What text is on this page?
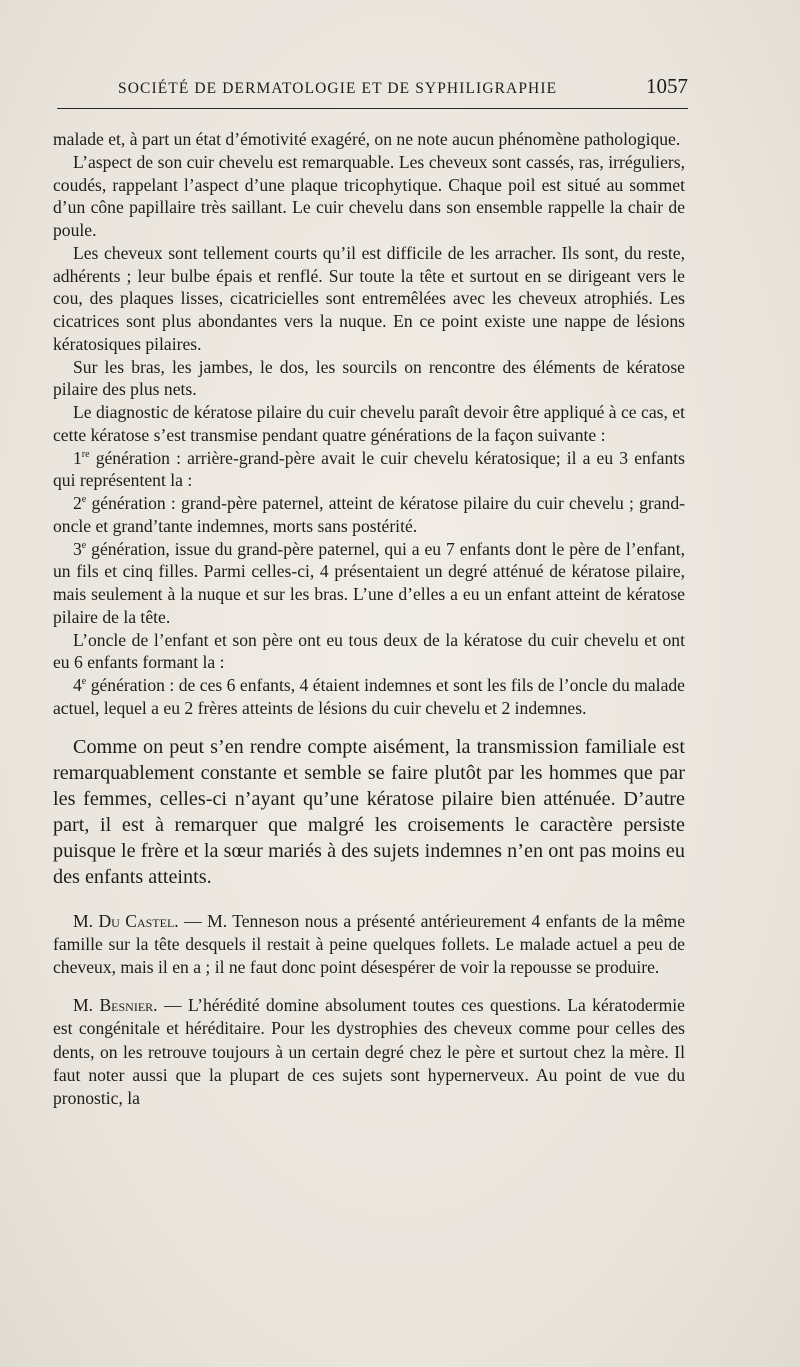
SOCIÉTÉ DE DERMATOLOGIE ET DE SYPHILIGRAPHIE	1057

malade et, à part un état d’émotivité exagéré, on ne note aucun phénomène pathologique.

L’aspect de son cuir chevelu est remarquable. Les cheveux sont cassés, ras, irréguliers, coudés, rappelant l’aspect d’une plaque tricophytique. Chaque poil est situé au sommet d’un cône papillaire très saillant. Le cuir chevelu dans son ensemble rappelle la chair de poule.

Les cheveux sont tellement courts qu’il est difficile de les arracher. Ils sont, du reste, adhérents ; leur bulbe épais et renflé. Sur toute la tête et surtout en se dirigeant vers le cou, des plaques lisses, cicatricielles sont entremêlées avec les cheveux atrophiés. Les cicatrices sont plus abondantes vers la nuque. En ce point existe une nappe de lésions kératosiques pilaires.

Sur les bras, les jambes, le dos, les sourcils on rencontre des éléments de kératose pilaire des plus nets.

Le diagnostic de kératose pilaire du cuir chevelu paraît devoir être appliqué à ce cas, et cette kératose s’est transmise pendant quatre générations de la façon suivante :

1re génération : arrière-grand-père avait le cuir chevelu kératosique; il a eu 3 enfants qui représentent la :

2e génération : grand-père paternel, atteint de kératose pilaire du cuir chevelu ; grand-oncle et grand’tante indemnes, morts sans postérité.

3e génération, issue du grand-père paternel, qui a eu 7 enfants dont le père de l’enfant, un fils et cinq filles. Parmi celles-ci, 4 présentaient un degré atténué de kératose pilaire, mais seulement à la nuque et sur les bras. L’une d’elles a eu un enfant atteint de kératose pilaire de la tête.

L’oncle de l’enfant et son père ont eu tous deux de la kératose du cuir chevelu et ont eu 6 enfants formant la :

4e génération : de ces 6 enfants, 4 étaient indemnes et sont les fils de l’oncle du malade actuel, lequel a eu 2 frères atteints de lésions du cuir chevelu et 2 indemnes.

Comme on peut s’en rendre compte aisément, la transmission familiale est remarquablement constante et semble se faire plutôt par les hommes que par les femmes, celles-ci n’ayant qu’une kératose pilaire bien atténuée. D’autre part, il est à remarquer que malgré les croisements le caractère persiste puisque le frère et la sœur mariés à des sujets indemnes n’en ont pas moins eu des enfants atteints.

M. Du Castel. — M. Tenneson nous a présenté antérieurement 4 enfants de la même famille sur la tête desquels il restait à peine quelques follets. Le malade actuel a peu de cheveux, mais il en a ; il ne faut donc point désespérer de voir la repousse se produire.

M. Besnier. — L’hérédité domine absolument toutes ces questions. La kératodermie est congénitale et héréditaire. Pour les dystrophies des cheveux comme pour celles des dents, on les retrouve toujours à un certain degré chez le père et surtout chez la mère. Il faut noter aussi que la plupart de ces sujets sont hypernerveux. Au point de vue du pronostic, la
